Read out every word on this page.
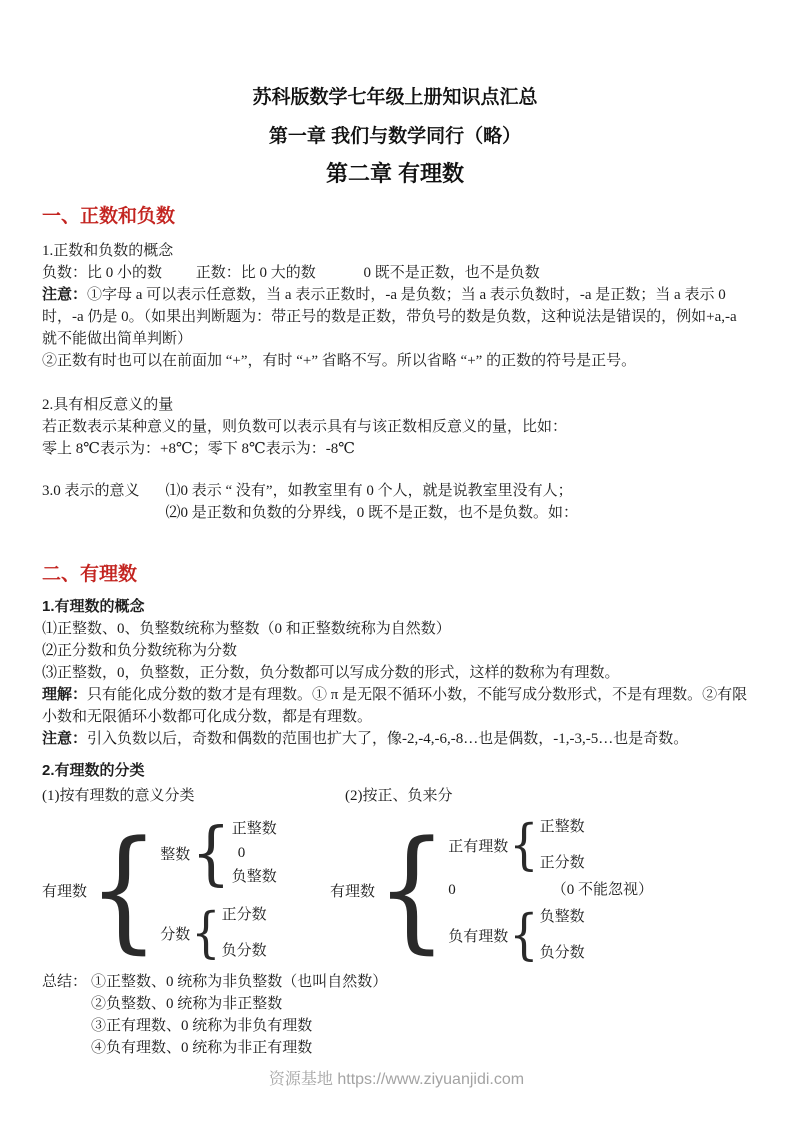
苏科版数学七年级上册知识点汇总
第一章 我们与数学同行（略）
第二章 有理数
一、正数和负数

1.正数和负数的概念

负数：比 0 小的数 正数：比 0 大的数	0 既不是正数，也不是负数

注意：①字母 a 可以表示任意数，当 a 表示正数时，-a 是负数；当 a 表示负数时，-a 是正数；当 a 表示 0 时，-a 仍是 0。（如果出判断题为：带正号的数是正数，带负号的数是负数，这种说法是错误的，例如+a,-a 就不能做出简单判断）

②正数有时也可以在前面加 “+”，有时 “+” 省略不写。所以省略 “+” 的正数的符号是正号。

2.具有相反意义的量

若正数表示某种意义的量，则负数可以表示具有与该正数相反意义的量，比如：

零上 8℃表示为：+8℃；零下 8℃表示为：-8℃

3.0 表示的意义 ⑴0 表示 “ 没有”，如教室里有 0 个人，就是说教室里没有人；
⑵0 是正数和负数的分界线，0 既不是正数，也不是负数。如：
二、有理数

1.有理数的概念

⑴正整数、0、负整数统称为整数（0 和正整数统称为自然数）

⑵正分数和负分数统称为分数

⑶正整数，0，负整数，正分数，负分数都可以写成分数的形式，这样的数称为有理数。

理解：只有能化成分数的数才是有理数。① π 是无限不循环小数，不能写成分数形式，不是有理数。②有限小数和无限循环小数都可化成分数，都是有理数。

注意：引入负数以后，奇数和偶数的范围也扩大了，像-2,-4,-6,-8…也是偶数，-1,-3,-5…也是奇数。

2.有理数的分类

(1)按有理数的意义分类	(2)按正、负来分
有理数 { 整数 { 正整数
0
负整数
分数 { 正分数
负分数
有理数 { 正有理数 { 正整数
正分数
0	（0 不能忽视）
负有理数 { 负整数
负分数
总结： ①正整数、0 统称为非负整数（也叫自然数）
②负整数、0 统称为非正整数
③正有理数、0 统称为非负有理数
④负有理数、0 统称为非正有理数
资源基地 https://www.ziyuanjidi.com
